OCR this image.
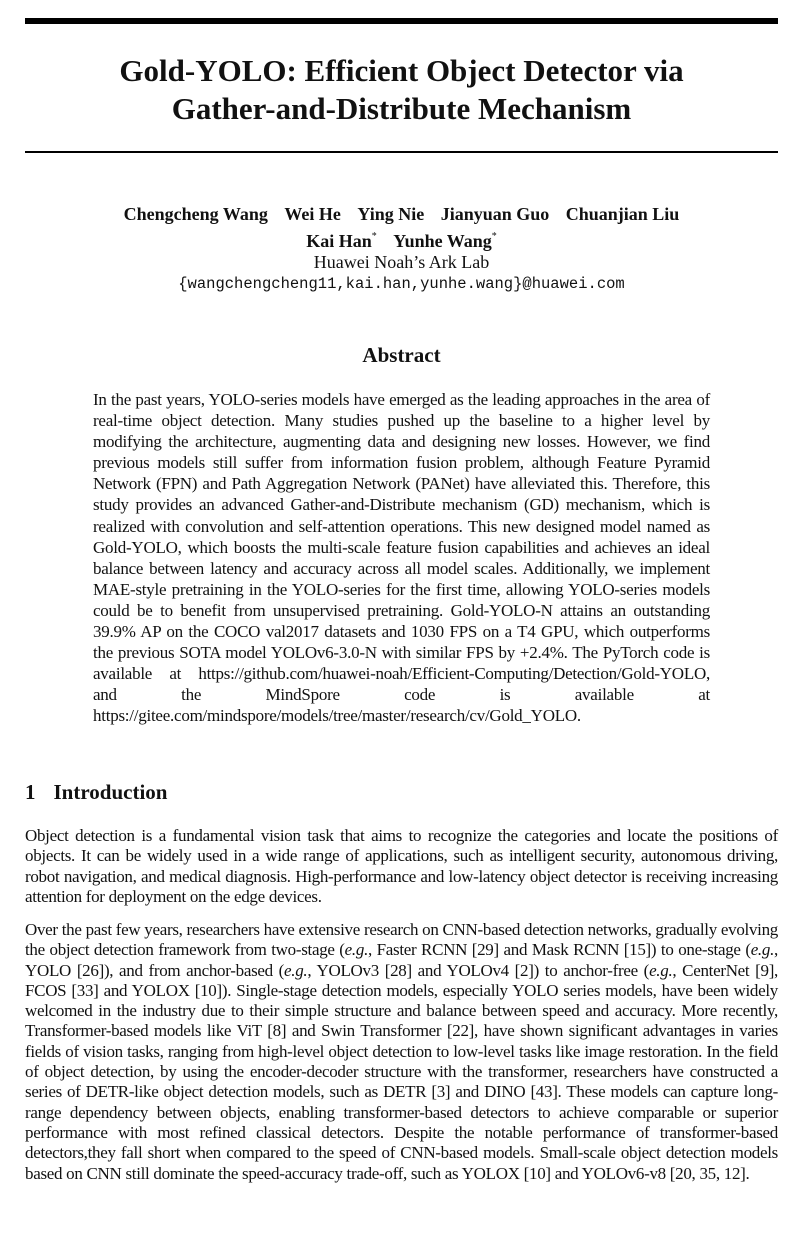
Gold-YOLO: Efficient Object Detector via
Gather-and-Distribute Mechanism
Chengcheng Wang Wei He Ying Nie Jianyuan Guo Chuanjian Liu
Kai Han* Yunhe Wang*
Huawei Noah’s Ark Lab
{wangchengcheng11,kai.han,yunhe.wang}@huawei.com
Abstract

In the past years, YOLO-series models have emerged as the leading approaches in the area of real-time object detection. Many studies pushed up the baseline to a higher level by modifying the architecture, augmenting data and designing new losses. However, we find previous models still suffer from information fusion problem, although Feature Pyramid Network (FPN) and Path Aggregation Network (PANet) have alleviated this. Therefore, this study provides an advanced Gather-and-Distribute mechanism (GD) mechanism, which is realized with convolution and self-attention operations. This new designed model named as Gold-YOLO, which boosts the multi-scale feature fusion capabilities and achieves an ideal balance between latency and accuracy across all model scales. Additionally, we implement MAE-style pretraining in the YOLO-series for the first time, allowing YOLO-series models could be to benefit from unsupervised pretraining. Gold-YOLO-N attains an outstanding 39.9% AP on the COCO val2017 datasets and 1030 FPS on a T4 GPU, which outperforms the previous SOTA model YOLOv6-3.0-N with similar FPS by +2.4%. The PyTorch code is available at https://github.com/huawei-noah/Efficient-Computing/Detection/Gold-YOLO, and the MindSpore code is available at https://gitee.com/mindspore/models/tree/master/research/cv/Gold_YOLO.

1 Introduction

Object detection is a fundamental vision task that aims to recognize the categories and locate the positions of objects. It can be widely used in a wide range of applications, such as intelligent security, autonomous driving, robot navigation, and medical diagnosis. High-performance and low-latency object detector is receiving increasing attention for deployment on the edge devices.

Over the past few years, researchers have extensive research on CNN-based detection networks, gradually evolving the object detection framework from two-stage (e.g., Faster RCNN [29] and Mask RCNN [15]) to one-stage (e.g., YOLO [26]), and from anchor-based (e.g., YOLOv3 [28] and YOLOv4 [2]) to anchor-free (e.g., CenterNet [9], FCOS [33] and YOLOX [10]). Single-stage detection models, especially YOLO series models, have been widely welcomed in the industry due to their simple structure and balance between speed and accuracy. More recently, Transformer-based models like ViT [8] and Swin Transformer [22], have shown significant advantages in varies fields of vision tasks, ranging from high-level object detection to low-level tasks like image restoration. In the field of object detection, by using the encoder-decoder structure with the transformer, researchers have constructed a series of DETR-like object detection models, such as DETR [3] and DINO [43]. These models can capture long-range dependency between objects, enabling transformer-based detectors to achieve comparable or superior performance with most refined classical detectors. Despite the notable performance of transformer-based detectors,they fall short when compared to the speed of CNN-based models. Small-scale object detection models based on CNN still dominate the speed-accuracy trade-off, such as YOLOX [10] and YOLOv6-v8 [20, 35, 12].
